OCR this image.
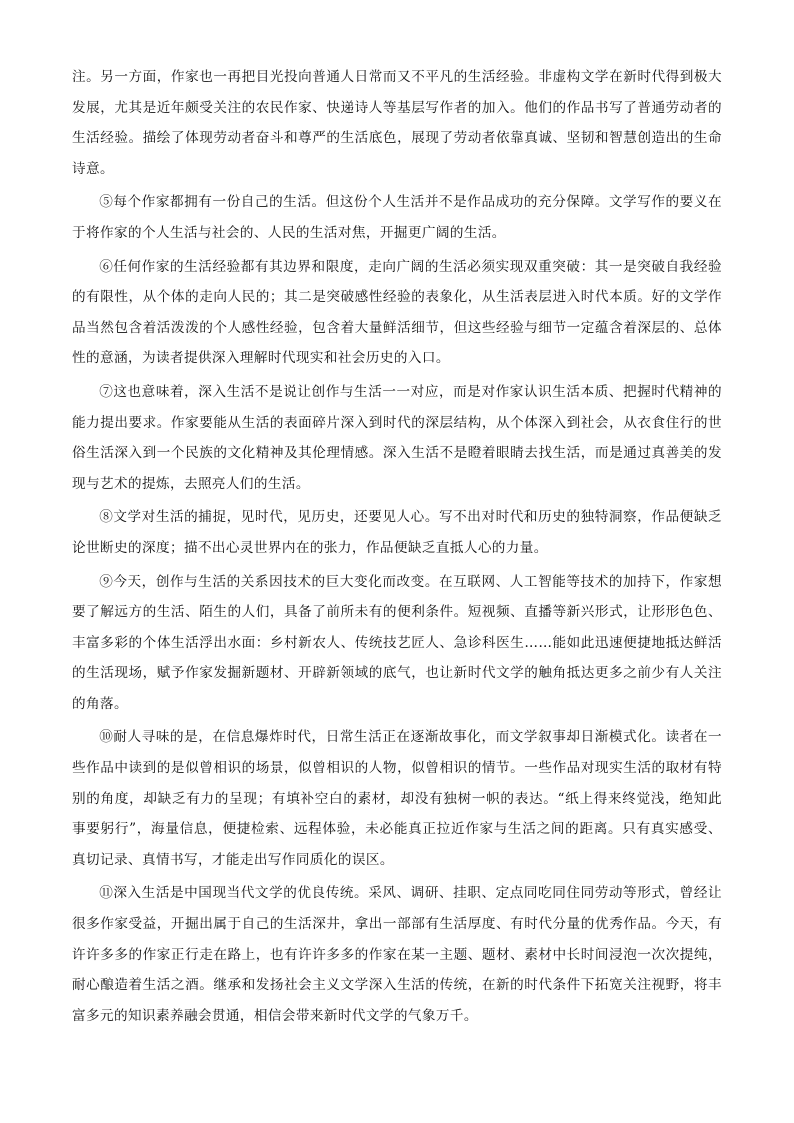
注。另一方面，作家也一再把目光投向普通人日常而又不平凡的生活经验。非虚构文学在新时代得到极大发展，尤其是近年颇受关注的农民作家、快递诗人等基层写作者的加入。他们的作品书写了普通劳动者的生活经验。描绘了体现劳动者奋斗和尊严的生活底色，展现了劳动者依靠真诚、坚韧和智慧创造出的生命诗意。

⑤每个作家都拥有一份自己的生活。但这份个人生活并不是作品成功的充分保障。文学写作的要义在于将作家的个人生活与社会的、人民的生活对焦，开掘更广阔的生活。

⑥任何作家的生活经验都有其边界和限度，走向广阔的生活必须实现双重突破：其一是突破自我经验的有限性，从个体的走向人民的；其二是突破感性经验的表象化，从生活表层进入时代本质。好的文学作品当然包含着活泼泼的个人感性经验，包含着大量鲜活细节，但这些经验与细节一定蕴含着深层的、总体性的意涵，为读者提供深入理解时代现实和社会历史的入口。

⑦这也意味着，深入生活不是说让创作与生活一一对应，而是对作家认识生活本质、把握时代精神的能力提出要求。作家要能从生活的表面碎片深入到时代的深层结构，从个体深入到社会，从衣食住行的世俗生活深入到一个民族的文化精神及其伦理情感。深入生活不是瞪着眼睛去找生活，而是通过真善美的发现与艺术的提炼，去照亮人们的生活。

⑧文学对生活的捕捉，见时代，见历史，还要见人心。写不出对时代和历史的独特洞察，作品便缺乏论世断史的深度；描不出心灵世界内在的张力，作品便缺乏直抵人心的力量。

⑨今天，创作与生活的关系因技术的巨大变化而改变。在互联网、人工智能等技术的加持下，作家想要了解远方的生活、陌生的人们，具备了前所未有的便利条件。短视频、直播等新兴形式，让形形色色、丰富多彩的个体生活浮出水面：乡村新农人、传统技艺匠人、急诊科医生……能如此迅速便捷地抵达鲜活的生活现场，赋予作家发掘新题材、开辟新领域的底气，也让新时代文学的触角抵达更多之前少有人关注的角落。

⑩耐人寻味的是，在信息爆炸时代，日常生活正在逐渐故事化，而文学叙事却日渐模式化。读者在一些作品中读到的是似曾相识的场景，似曾相识的人物，似曾相识的情节。一些作品对现实生活的取材有特别的角度，却缺乏有力的呈现；有填补空白的素材，却没有独树一帜的表达。“纸上得来终觉浅，绝知此事要躬行”，海量信息，便捷检索、远程体验，未必能真正拉近作家与生活之间的距离。只有真实感受、真切记录、真情书写，才能走出写作同质化的误区。

⑪深入生活是中国现当代文学的优良传统。采风、调研、挂职、定点同吃同住同劳动等形式，曾经让很多作家受益，开掘出属于自己的生活深井，拿出一部部有生活厚度、有时代分量的优秀作品。今天，有许许多多的作家正行走在路上，也有许许多多的作家在某一主题、题材、素材中长时间浸泡一次次提纯，耐心酿造着生活之酒。继承和发扬社会主义文学深入生活的传统，在新的时代条件下拓宽关注视野，将丰富多元的知识素养融会贯通，相信会带来新时代文学的气象万千。
